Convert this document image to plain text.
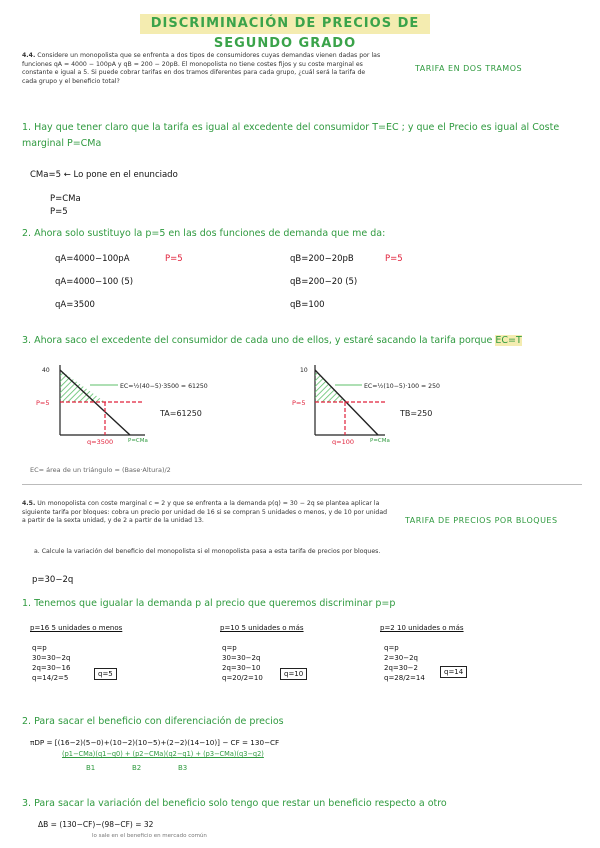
DISCRIMINACIÓN DE PRECIOS DE SEGUNDO GRADO
4.4. Considere un monopolista que se enfrenta a dos tipos de consumidores cuyas demandas vienen dadas por las funciones qA = 4000 − 100pA y qB = 200 − 20pB. El monopolista no tiene costes fijos y su coste marginal es constante e igual a 5. Si puede cobrar tarifas en dos tramos diferentes para cada grupo, ¿cuál será la tarifa de cada grupo y el beneficio total?
TARIFA EN DOS TRAMOS
1. Hay que tener claro que la tarifa es igual al excedente del consumidor T=EC ; y que el Precio es igual al Coste marginal P=CMa
CMa=5 ← Lo pone en el enunciado
P=CMa
P=5
2. Ahora solo sustituyo la p=5 en las dos funciones de demanda que me da:
qA=4000−100pA	P=5
qA=4000−100 (5)
qA=3500
qB=200−20pB	P=5
qB=200−20 (5)
qB=100
3. Ahora saco el excedente del consumidor de cada uno de ellos, y estaré sacando la tarifa porque EC=T
40
P=5
q=3500	P=CMa
EC=½(40−5)·3500 = 61250
TA=61250
10
P=5
q=100	P=CMa
EC=½(10−5)·100 = 250
TB=250
EC= área de un triángulo = (Base·Altura)/2
4.5. Un monopolista con coste marginal c = 2 y que se enfrenta a la demanda p(q) = 30 − 2q se plantea aplicar la siguiente tarifa por bloques: cobra un precio por unidad de 16 si se compran 5 unidades o menos, y de 10 por unidad a partir de la sexta unidad, y de 2 a partir de la unidad 13.
a. Calcule la variación del beneficio del monopolista si el monopolista pasa a esta tarifa de precios por bloques.
TARIFA DE PRECIOS POR BLOQUES
p=30−2q
1. Tenemos que igualar la demanda p al precio que queremos discriminar p=p
p=16 5 unidades o menos
q=p
30=30−2q
2q=30−16
q=14/2=5	q=5
p=10 5 unidades o más
q=p
30=30−2q
2q=30−10
q=20/2=10	q=10
p=2 10 unidades o más
q=p
2=30−2q
2q=30−2
q=28/2=14
q=14
2. Para sacar el beneficio con diferenciación de precios
πDP = [(16−2)(5−0)+(10−2)(10−5)+(2−2)(14−10)] − CF = 130−CF
(p1−CMa)(q1−q0) + (p2−CMa)(q2−q1) + (p3−CMa)(q3−q2)
B1	B2	B3
3. Para sacar la variación del beneficio solo tengo que restar un beneficio respecto a otro
ΔB = (130−CF)−(98−CF) = 32
lo sale en el beneficio en mercado común
